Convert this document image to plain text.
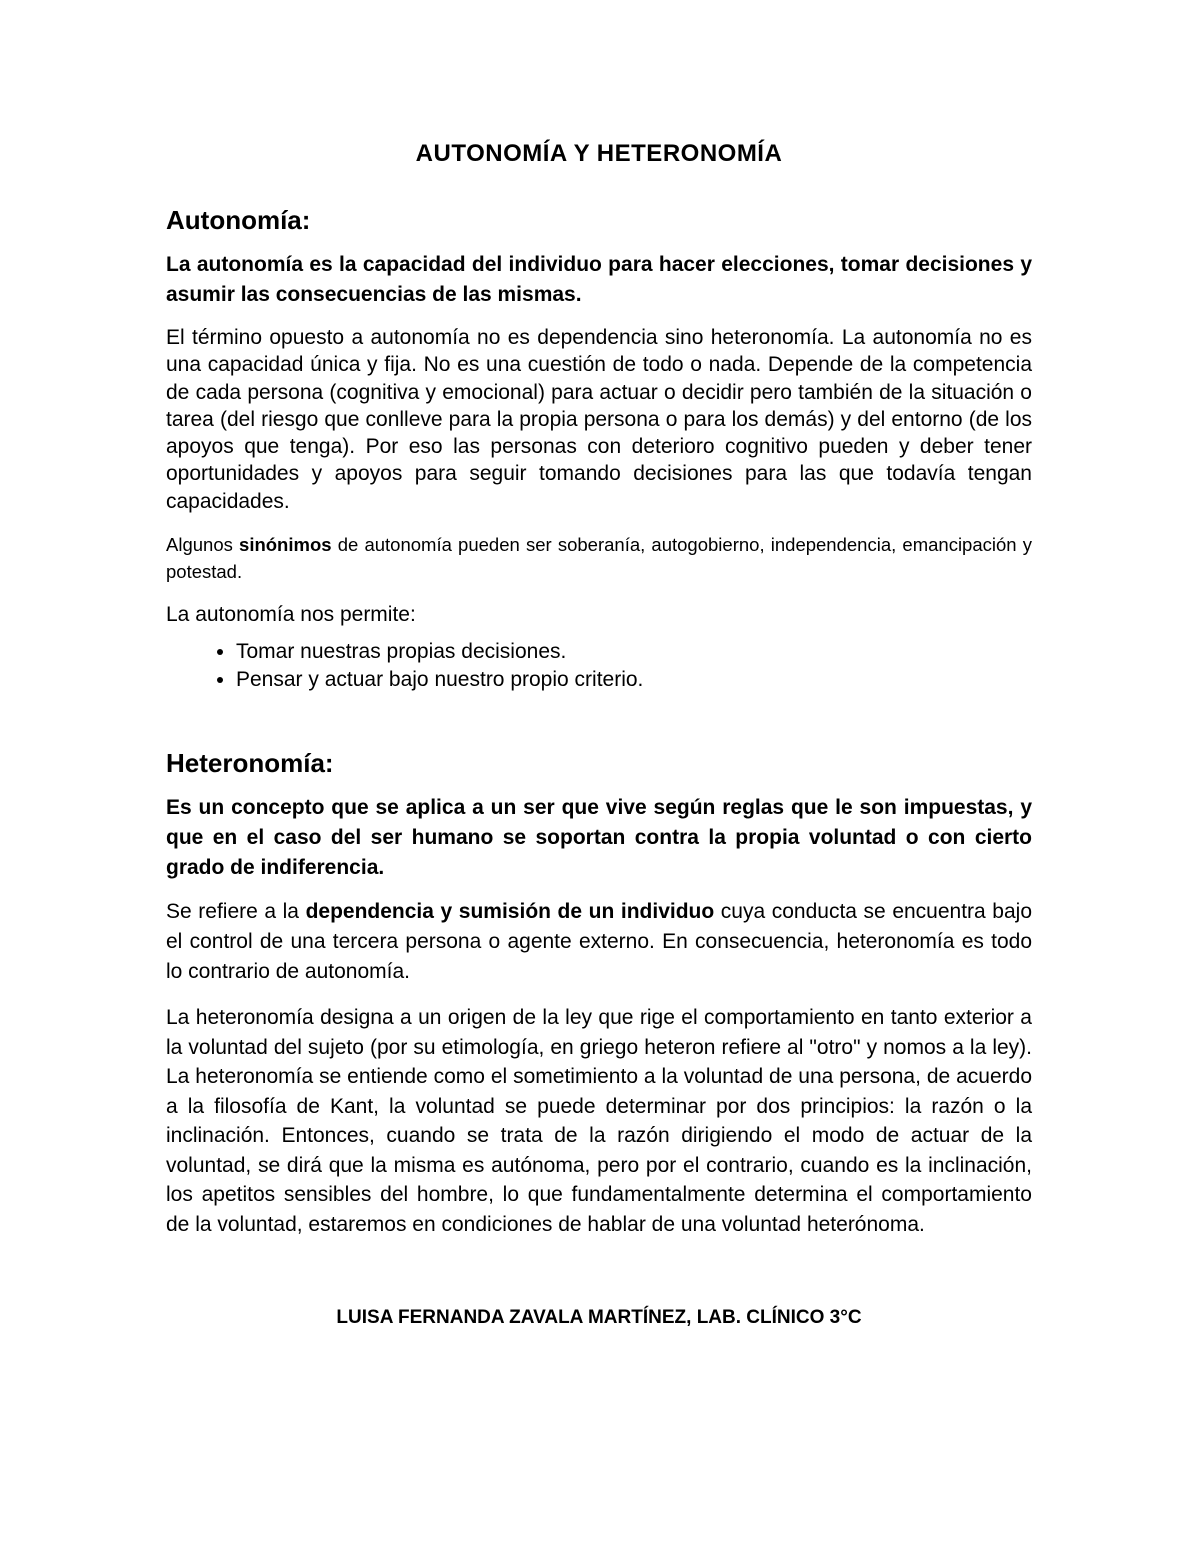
AUTONOMÍA Y HETERONOMÍA
Autonomía:

La autonomía es la capacidad del individuo para hacer elecciones, tomar decisiones y asumir las consecuencias de las mismas.

El término opuesto a autonomía no es dependencia sino heteronomía. La autonomía no es una capacidad única y fija. No es una cuestión de todo o nada. Depende de la competencia de cada persona (cognitiva y emocional) para actuar o decidir pero también de la situación o tarea (del riesgo que conlleve para la propia persona o para los demás) y del entorno (de los apoyos que tenga). Por eso las personas con deterioro cognitivo pueden y deber tener oportunidades y apoyos para seguir tomando decisiones para las que todavía tengan capacidades.

Algunos sinónimos de autonomía pueden ser soberanía, autogobierno, independencia, emancipación y potestad.

La autonomía nos permite:

• Tomar nuestras propias decisiones.
• Pensar y actuar bajo nuestro propio criterio.
Heteronomía:

Es un concepto que se aplica a un ser que vive según reglas que le son impuestas, y que en el caso del ser humano se soportan contra la propia voluntad o con cierto grado de indiferencia.

Se refiere a la dependencia y sumisión de un individuo cuya conducta se encuentra bajo el control de una tercera persona o agente externo. En consecuencia, heteronomía es todo lo contrario de autonomía.

La heteronomía designa a un origen de la ley que rige el comportamiento en tanto exterior a la voluntad del sujeto (por su etimología, en griego heteron refiere al "otro" y nomos a la ley). La heteronomía se entiende como el sometimiento a la voluntad de una persona, de acuerdo a la filosofía de Kant, la voluntad se puede determinar por dos principios: la razón o la inclinación. Entonces, cuando se trata de la razón dirigiendo el modo de actuar de la voluntad, se dirá que la misma es autónoma, pero por el contrario, cuando es la inclinación, los apetitos sensibles del hombre, lo que fundamentalmente determina el comportamiento de la voluntad, estaremos en condiciones de hablar de una voluntad heterónoma.

LUISA FERNANDA ZAVALA MARTÍNEZ, LAB. CLÍNICO 3°C
